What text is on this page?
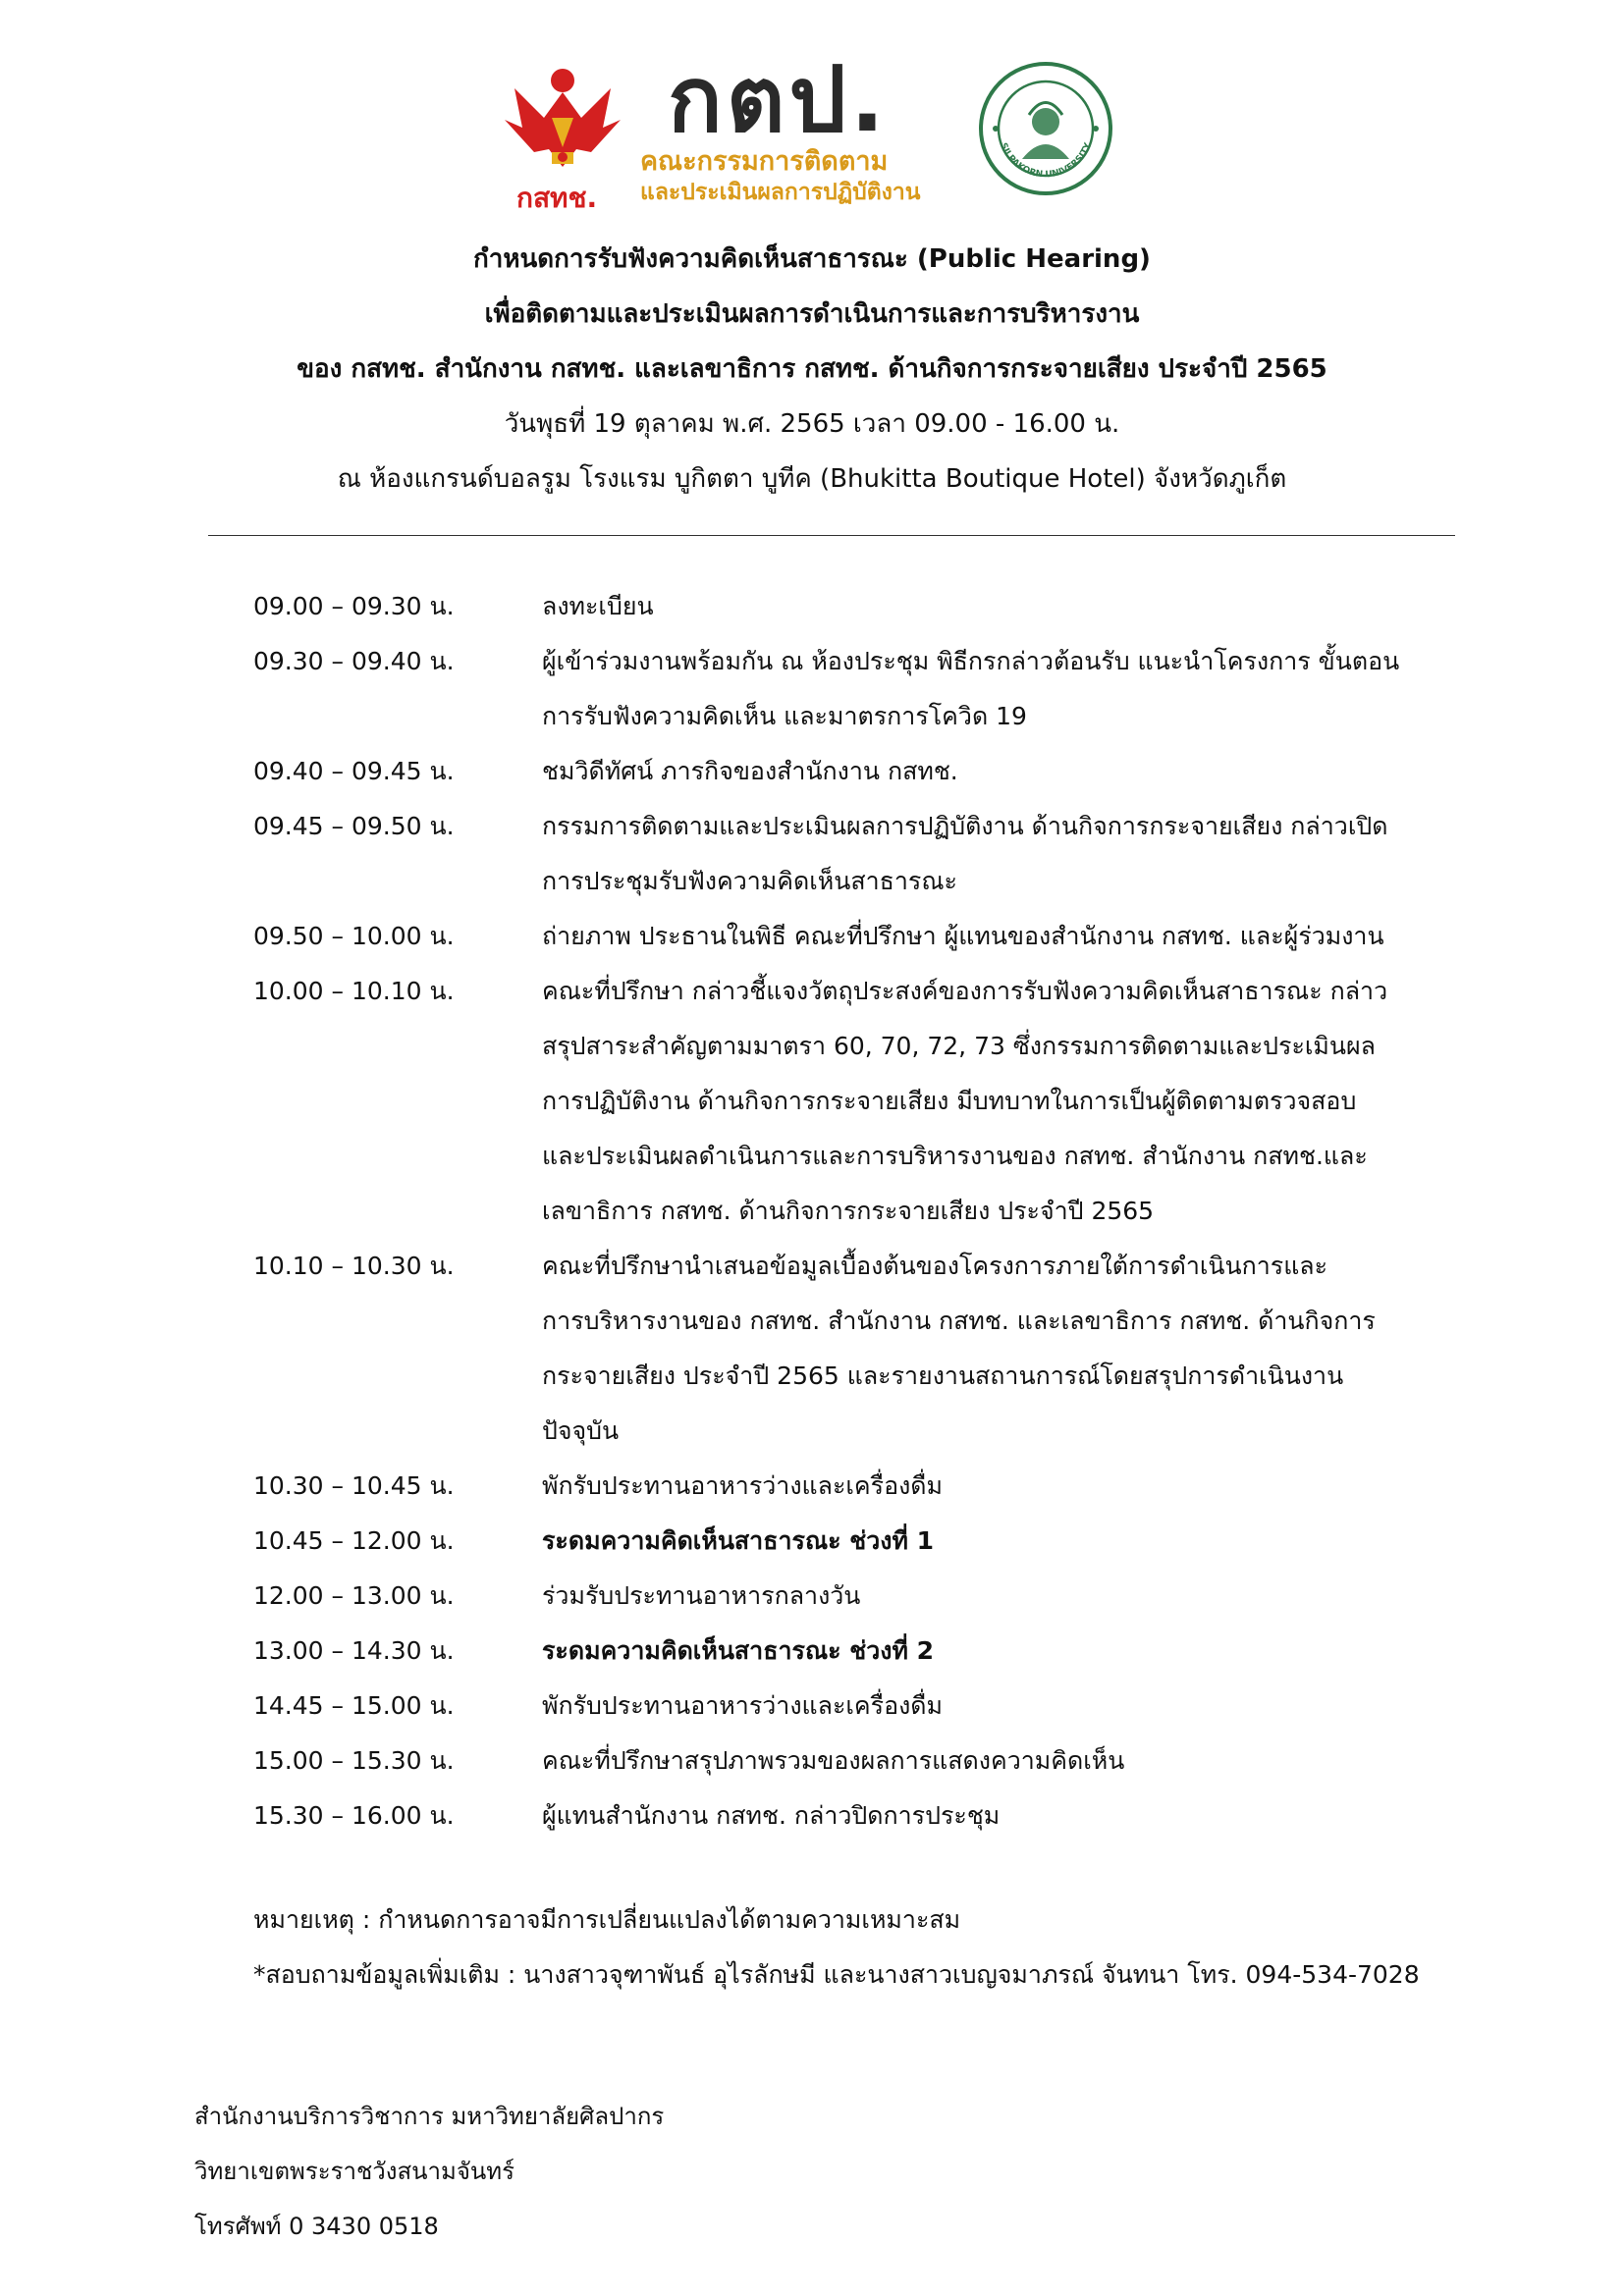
กสทช.
กตป.
คณะกรรมการติดตาม
และประเมินผลการปฏิบัติงาน
SILPAKORN UNIVERSITY
กำหนดการรับฟังความคิดเห็นสาธารณะ (Public Hearing)
เพื่อติดตามและประเมินผลการดำเนินการและการบริหารงาน
ของ กสทช. สำนักงาน กสทช. และเลขาธิการ กสทช. ด้านกิจการกระจายเสียง ประจำปี 2565
วันพุธที่ 19 ตุลาคม พ.ศ. 2565 เวลา 09.00 - 16.00 น.
ณ ห้องแกรนด์บอลรูม โรงแรม บูกิตตา บูทีค (Bhukitta Boutique Hotel) จังหวัดภูเก็ต
09.00 – 09.30 น.	ลงทะเบียน
09.30 – 09.40 น.	ผู้เข้าร่วมงานพร้อมกัน ณ ห้องประชุม พิธีกรกล่าวต้อนรับ แนะนำโครงการ ขั้นตอน
การรับฟังความคิดเห็น และมาตรการโควิด 19
09.40 – 09.45 น.	ชมวิดีทัศน์ ภารกิจของสำนักงาน กสทช.
09.45 – 09.50 น.	กรรมการติดตามและประเมินผลการปฏิบัติงาน ด้านกิจการกระจายเสียง กล่าวเปิด
การประชุมรับฟังความคิดเห็นสาธารณะ
09.50 – 10.00 น.	ถ่ายภาพ ประธานในพิธี คณะที่ปรึกษา ผู้แทนของสำนักงาน กสทช. และผู้ร่วมงาน
10.00 – 10.10 น.	คณะที่ปรึกษา กล่าวชี้แจงวัตถุประสงค์ของการรับฟังความคิดเห็นสาธารณะ กล่าว
สรุปสาระสำคัญตามมาตรา 60, 70, 72, 73 ซึ่งกรรมการติดตามและประเมินผล
การปฏิบัติงาน ด้านกิจการกระจายเสียง มีบทบาทในการเป็นผู้ติดตามตรวจสอบ
และประเมินผลดำเนินการและการบริหารงานของ กสทช. สำนักงาน กสทช.และ
เลขาธิการ กสทช. ด้านกิจการกระจายเสียง ประจำปี 2565
10.10 – 10.30 น.	คณะที่ปรึกษานำเสนอข้อมูลเบื้องต้นของโครงการภายใต้การดำเนินการและ
การบริหารงานของ กสทช. สำนักงาน กสทช. และเลขาธิการ กสทช. ด้านกิจการ
กระจายเสียง ประจำปี 2565 และรายงานสถานการณ์โดยสรุปการดำเนินงาน
ปัจจุบัน
10.30 – 10.45 น.	พักรับประทานอาหารว่างและเครื่องดื่ม
10.45 – 12.00 น.	ระดมความคิดเห็นสาธารณะ ช่วงที่ 1
12.00 – 13.00 น.	ร่วมรับประทานอาหารกลางวัน
13.00 – 14.30 น.	ระดมความคิดเห็นสาธารณะ ช่วงที่ 2
14.45 – 15.00 น.	พักรับประทานอาหารว่างและเครื่องดื่ม
15.00 – 15.30 น.	คณะที่ปรึกษาสรุปภาพรวมของผลการแสดงความคิดเห็น
15.30 – 16.00 น.	ผู้แทนสำนักงาน กสทช. กล่าวปิดการประชุม
หมายเหตุ : กำหนดการอาจมีการเปลี่ยนแปลงได้ตามความเหมาะสม
*สอบถามข้อมูลเพิ่มเติม : นางสาวจุฑาพันธ์ อุไรลักษมี และนางสาวเบญจมาภรณ์ จันทนา โทร. 094-534-7028
สำนักงานบริการวิชาการ มหาวิทยาลัยศิลปากร
วิทยาเขตพระราชวังสนามจันทร์
โทรศัพท์ 0 3430 0518
